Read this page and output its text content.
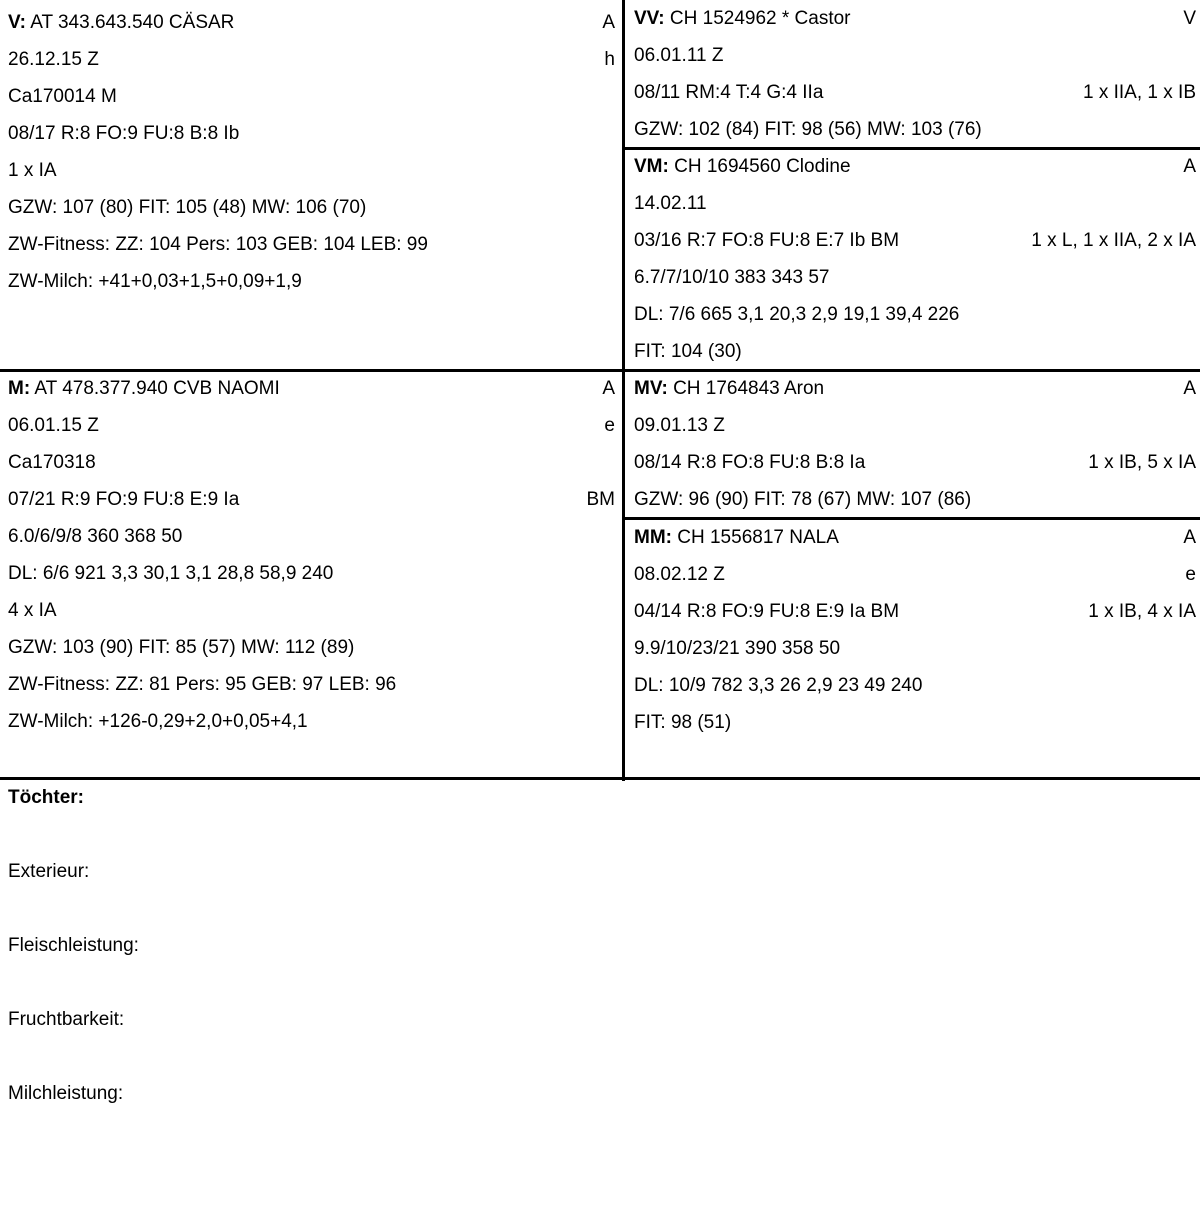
V: AT 343.643.540 CÄSAR	A
26.12.15 Z	h
Ca170014 M
08/17 R:8 FO:9 FU:8 B:8 Ib
1 x IA
GZW: 107 (80) FIT: 105 (48) MW: 106 (70)
ZW-Fitness: ZZ: 104 Pers: 103 GEB: 104 LEB: 99
ZW-Milch: +41+0,03+1,5+0,09+1,9
VV: CH 1524962 * Castor	V
06.01.11 Z
08/11 RM:4 T:4 G:4 IIa	1 x IIA, 1 x IB
GZW: 102 (84) FIT: 98 (56) MW: 103 (76)
VM: CH 1694560 Clodine	A
14.02.11
03/16 R:7 FO:8 FU:8 E:7 Ib BM	1 x L, 1 x IIA, 2 x IA
6.7/7/10/10 383 343 57
DL: 7/6 665 3,1 20,3 2,9 19,1 39,4 226
FIT: 104 (30)
M: AT 478.377.940 CVB NAOMI	A
06.01.15 Z	e
Ca170318
07/21 R:9 FO:9 FU:8 E:9 Ia	BM
6.0/6/9/8 360 368 50
DL: 6/6 921 3,3 30,1 3,1 28,8 58,9 240
4 x IA
GZW: 103 (90) FIT: 85 (57) MW: 112 (89)
ZW-Fitness: ZZ: 81 Pers: 95 GEB: 97 LEB: 96
ZW-Milch: +126-0,29+2,0+0,05+4,1
MV: CH 1764843 Aron	A
09.01.13 Z
08/14 R:8 FO:8 FU:8 B:8 Ia	1 x IB, 5 x IA
GZW: 96 (90) FIT: 78 (67) MW: 107 (86)
MM: CH 1556817 NALA	A
08.02.12 Z	e
04/14 R:8 FO:9 FU:8 E:9 Ia BM	1 x IB, 4 x IA
9.9/10/23/21 390 358 50
DL: 10/9 782 3,3 26 2,9 23 49 240
FIT: 98 (51)
Töchter:
Exterieur:
Fleischleistung:
Fruchtbarkeit:
Milchleistung:
